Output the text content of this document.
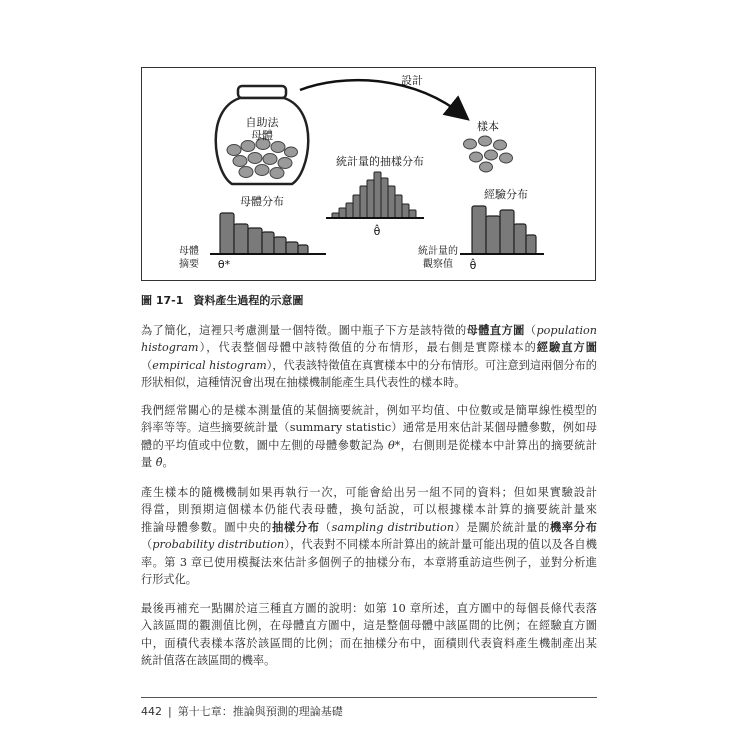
自助法
母體
設計
樣本
母體分布
母體
摘要 θ*
統計量的抽樣分布
θ̂
經驗分布
統計量的
觀察值 θ̂
圖 17-1 資料產生過程的示意圖
為了簡化，這裡只考慮測量一個特徵。圖中瓶子下方是該特徵的母體直方圖（population
histogram），代表整個母體中該特徵值的分布情形，最右側是實際樣本的經驗直方圖
（empirical histogram），代表該特徵值在真實樣本中的分布情形。可注意到這兩個分布的
形狀相似，這種情況會出現在抽樣機制能產生具代表性的樣本時。
我們經常關心的是樣本測量值的某個摘要統計，例如平均值、中位數或是簡單線性模型的
斜率等等。這些摘要統計量（summary statistic）通常是用來估計某個母體參數，例如母
體的平均值或中位數，圖中左側的母體參數記為 θ*，右側則是從樣本中計算出的摘要統計
量 θ̂。
產生樣本的隨機機制如果再執行一次，可能會給出另一組不同的資料；但如果實驗設計
得當，則預期這個樣本仍能代表母體，換句話說，可以根據樣本計算的摘要統計量來
推論母體參數。圖中央的抽樣分布（sampling distribution）是關於統計量的機率分布
（probability distribution），代表對不同樣本所計算出的統計量可能出現的值以及各自機
率。第 3 章已使用模擬法來估計多個例子的抽樣分布，本章將重訪這些例子，並對分析進
行形式化。
最後再補充一點關於這三種直方圖的說明：如第 10 章所述，直方圖中的每個長條代表落
入該區間的觀測值比例，在母體直方圖中，這是整個母體中該區間的比例；在經驗直方圖
中，面積代表樣本落於該區間的比例；而在抽樣分布中，面積則代表資料產生機制產出某
統計值落在該區間的機率。
442 | 第十七章：推論與預測的理論基礎
